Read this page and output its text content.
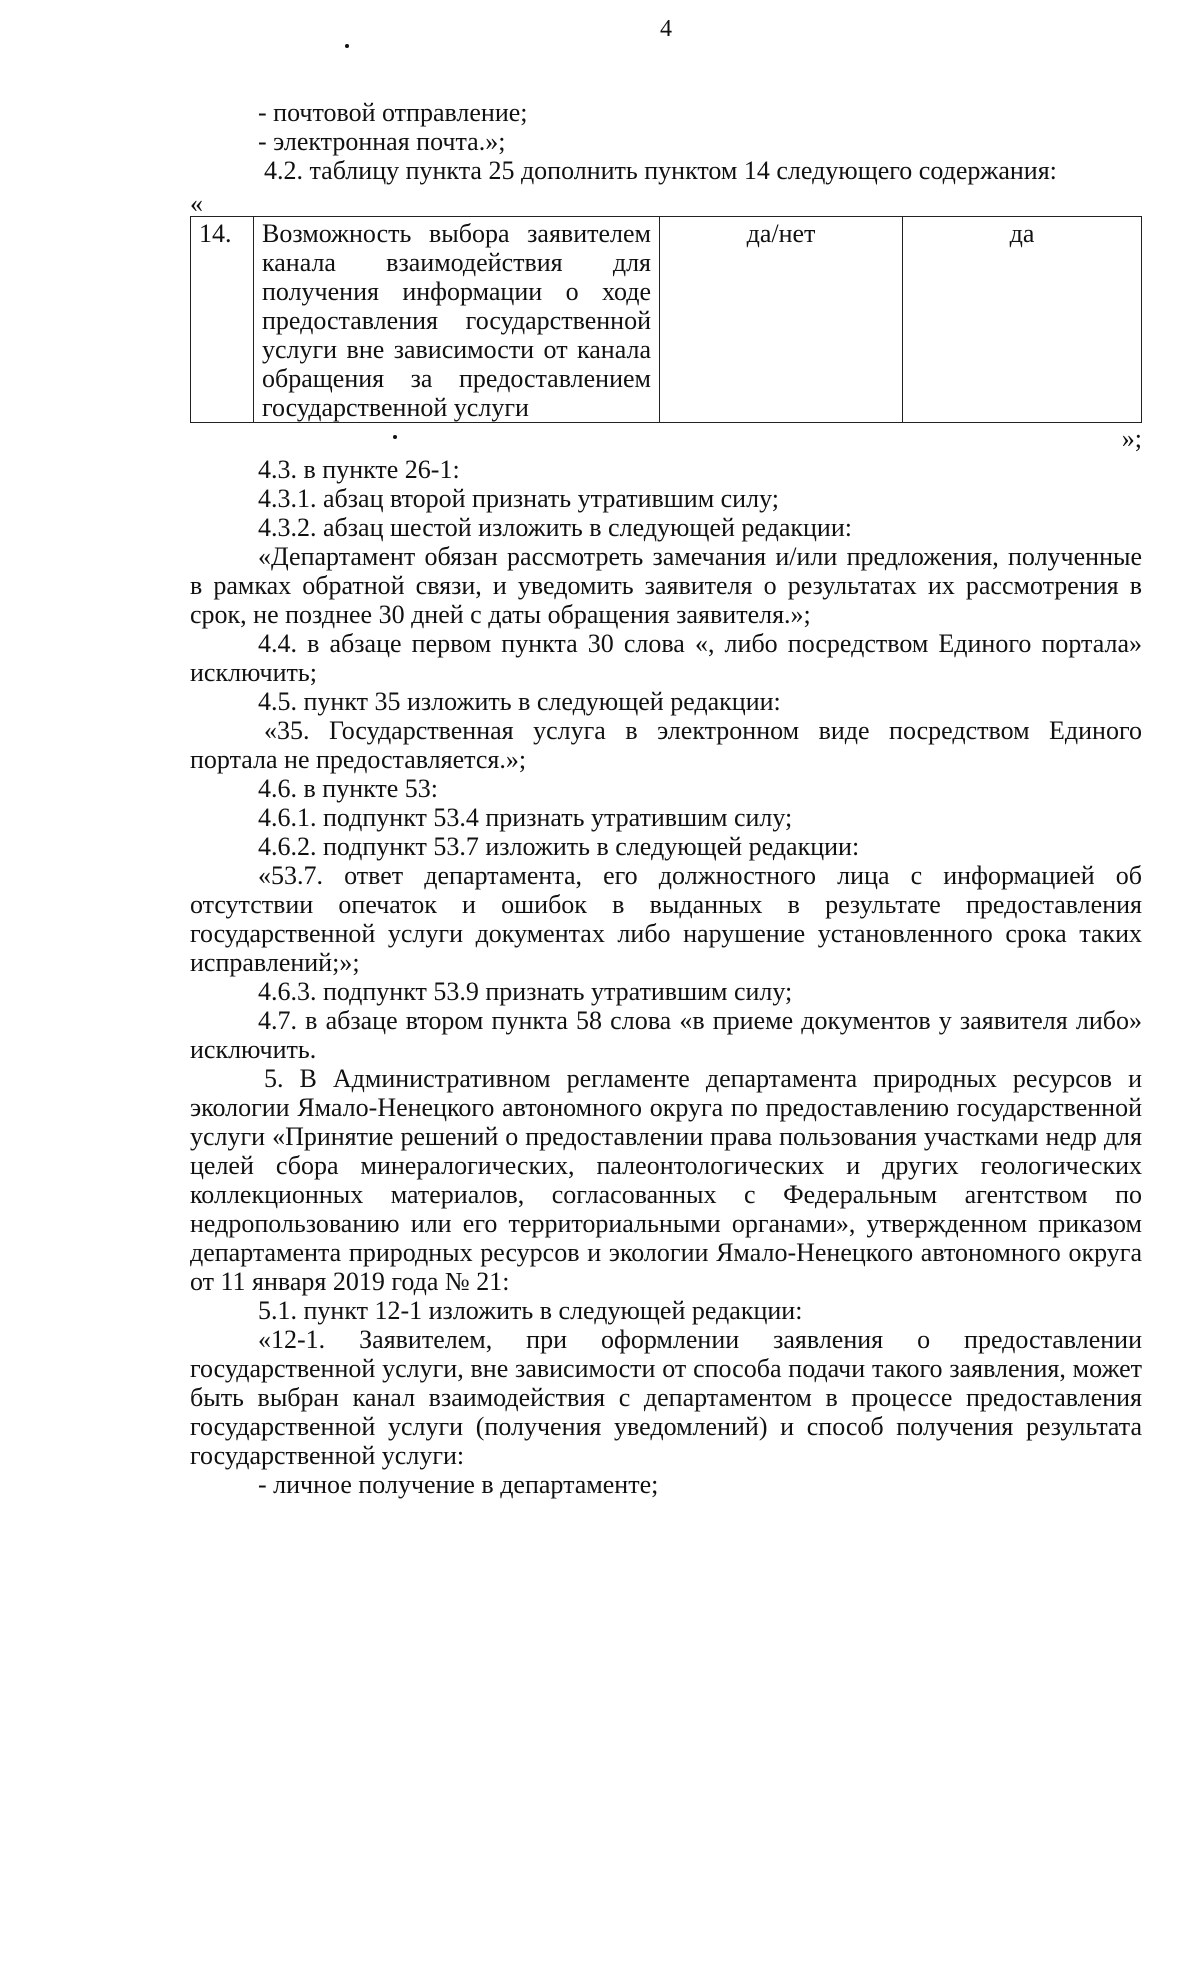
4

- почтовой отправление;

- электронная почта.»;

4.2. таблицу пункта 25 дополнить пунктом 14 следующего содержания:

«

14.	Возможность выбора заявителем канала взаимодействия для получения информации о ходе предоставления государственной услуги вне зависимости от канала обращения за предоставлением государственной услуги	да/нет	да
»;

4.3. в пункте 26-1:

4.3.1. абзац второй признать утратившим силу;

4.3.2. абзац шестой изложить в следующей редакции:

«Департамент обязан рассмотреть замечания и/или предложения, полученные в рамках обратной связи, и уведомить заявителя о результатах их рассмотрения в срок, не позднее 30 дней с даты обращения заявителя.»;

4.4. в абзаце первом пункта 30 слова «, либо посредством Единого портала» исключить;

4.5. пункт 35 изложить в следующей редакции:

«35. Государственная услуга в электронном виде посредством Единого портала не предоставляется.»;

4.6. в пункте 53:

4.6.1. подпункт 53.4 признать утратившим силу;

4.6.2. подпункт 53.7 изложить в следующей редакции:

«53.7. ответ департамента, его должностного лица с информацией об отсутствии опечаток и ошибок в выданных в результате предоставления государственной услуги документах либо нарушение установленного срока таких исправлений;»;

4.6.3. подпункт 53.9 признать утратившим силу;

4.7. в абзаце втором пункта 58 слова «в приеме документов у заявителя либо» исключить.

5. В Административном регламенте департамента природных ресурсов и экологии Ямало-Ненецкого автономного округа по предоставлению государственной услуги «Принятие решений о предоставлении права пользования участками недр для целей сбора минералогических, палеонтологических и других геологических коллекционных материалов, согласованных с Федеральным агентством по недропользованию или его территориальными органами», утвержденном приказом департамента природных ресурсов и экологии Ямало-Ненецкого автономного округа от 11 января 2019 года № 21:

5.1. пункт 12-1 изложить в следующей редакции:

«12-1. Заявителем, при оформлении заявления о предоставлении государственной услуги, вне зависимости от способа подачи такого заявления, может быть выбран канал взаимодействия с департаментом в процессе предоставления государственной услуги (получения уведомлений) и способ получения результата государственной услуги:

- личное получение в департаменте;
